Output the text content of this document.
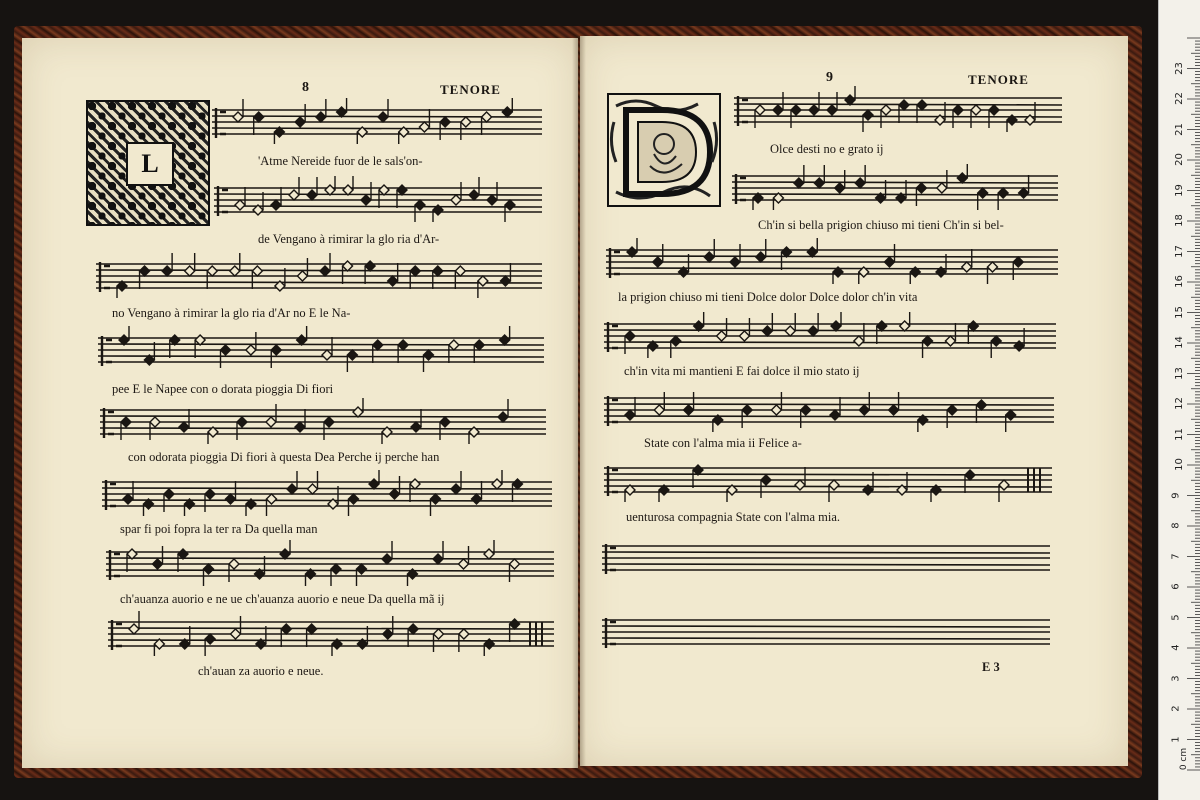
8	TENORE
L
9	TENORE
'Atme Nereide fuor de le sals'on-
de Vengano à rimirar la glo ria d'Ar-
no Vengano à rimirar la glo ria d'Ar no E le Na-
pee E le Napee con o dorata pioggia Di fiori
con odorata pioggia Di fiori à questa Dea Perche ij perche han
spar fi poi fopra la ter ra Da quella man
ch'auanza auorio e ne ue ch'auanza auorio e neue Da quella mã ij
ch'auan za auorio e neue.
Olce desti no e grato ij
Ch'in si bella prigion chiuso mi tieni Ch'in si bel-
la prigion chiuso mi tieni Dolce dolor Dolce dolor ch'in vita
ch'in vita mi mantieni E fai dolce il mio stato ij
State con l'alma mia ii Felice a-
uenturosa compagnia State con l'alma mia.
E 3
1
2
3
4
5
6
7
8
9
10
11
12
13
14
15
16
17
18
19
20
21
22
23
0 cm
